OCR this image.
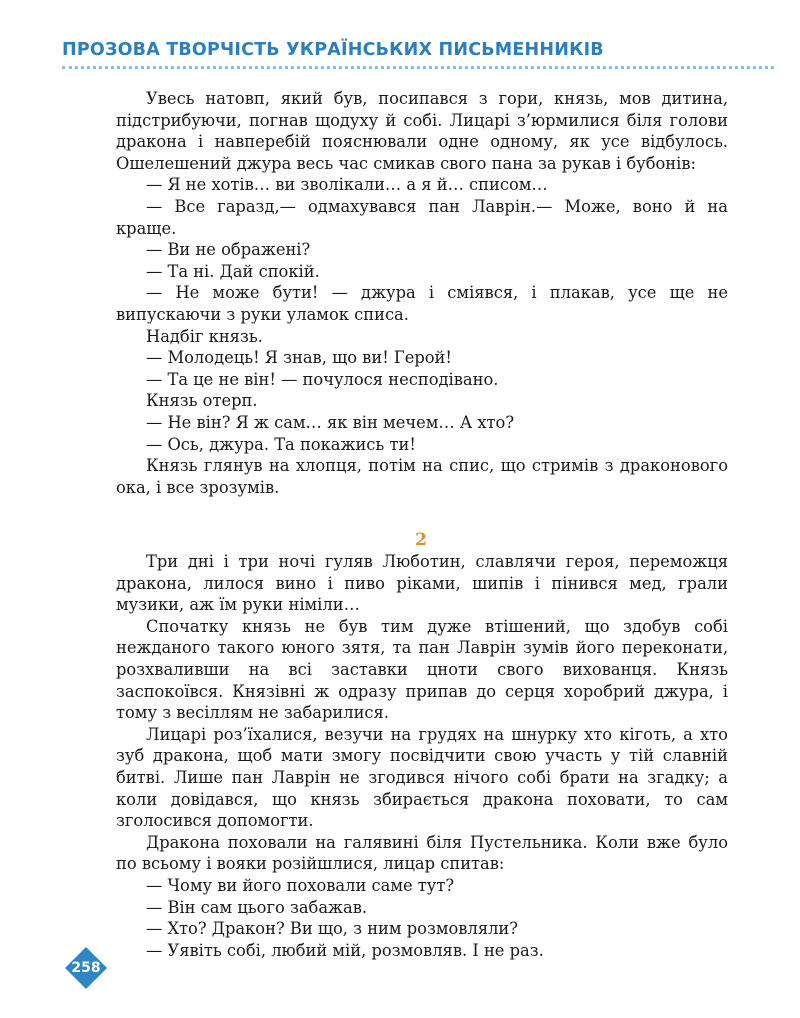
ПРОЗОВА ТВОРЧІСТЬ УКРАЇНСЬКИХ ПИСЬМЕННИКІВ

Увесь натовп, який був, посипався з гори, князь, мов дитина, підстрибуючи, погнав щодуху й собі. Лицарі з’юрмилися біля голови дракона і навперебій пояснювали одне одному, як усе відбулось. Ошелешений джура весь час смикав свого пана за рукав і бубонів:

— Я не хотів… ви зволікали… а я й… списом…

— Все гаразд,— одмахувався пан Лаврін.— Може, воно й на краще.

— Ви не ображені?

— Та ні. Дай спокій.

— Не може бути! — джура і сміявся, і плакав, усе ще не випускаючи з руки уламок списа.

Надбіг князь.

— Молодець! Я знав, що ви! Герой!

— Та це не він! — почулося несподівано.

Князь отерп.

— Не він? Я ж сам… як він мечем… А хто?

— Ось, джура. Та покажись ти!

Князь глянув на хлопця, потім на спис, що стримів з драконового ока, і все зрозумів.

2

Три дні і три ночі гуляв Люботин, славлячи героя, переможця дракона, лилося вино і пиво ріками, шипів і пінився мед, грали музики, аж їм руки німіли…

Спочатку князь не був тим дуже втішений, що здобув собі нежданого такого юного зятя, та пан Лаврін зумів його переконати, розхваливши на всі заставки цноти свого вихованця. Князь заспокоївся. Князівні ж одразу припав до серця хоробрий джура, і тому з весіллям не забарилися.

Лицарі роз’їхалися, везучи на грудях на шнурку хто кіготь, а хто зуб дракона, щоб мати змогу посвідчити свою участь у тій славній битві. Лише пан Лаврін не згодився нічого собі брати на згадку; а коли довідався, що князь збирається дракона поховати, то сам зголосився допомогти.

Дракона поховали на галявині біля Пустельника. Коли вже було по всьому і вояки розійшлися, лицар спитав:

— Чому ви його поховали саме тут?

— Він сам цього забажав.

— Хто? Дракон? Ви що, з ним розмовляли?

— Уявіть собі, любий мій, розмовляв. І не раз.

258
